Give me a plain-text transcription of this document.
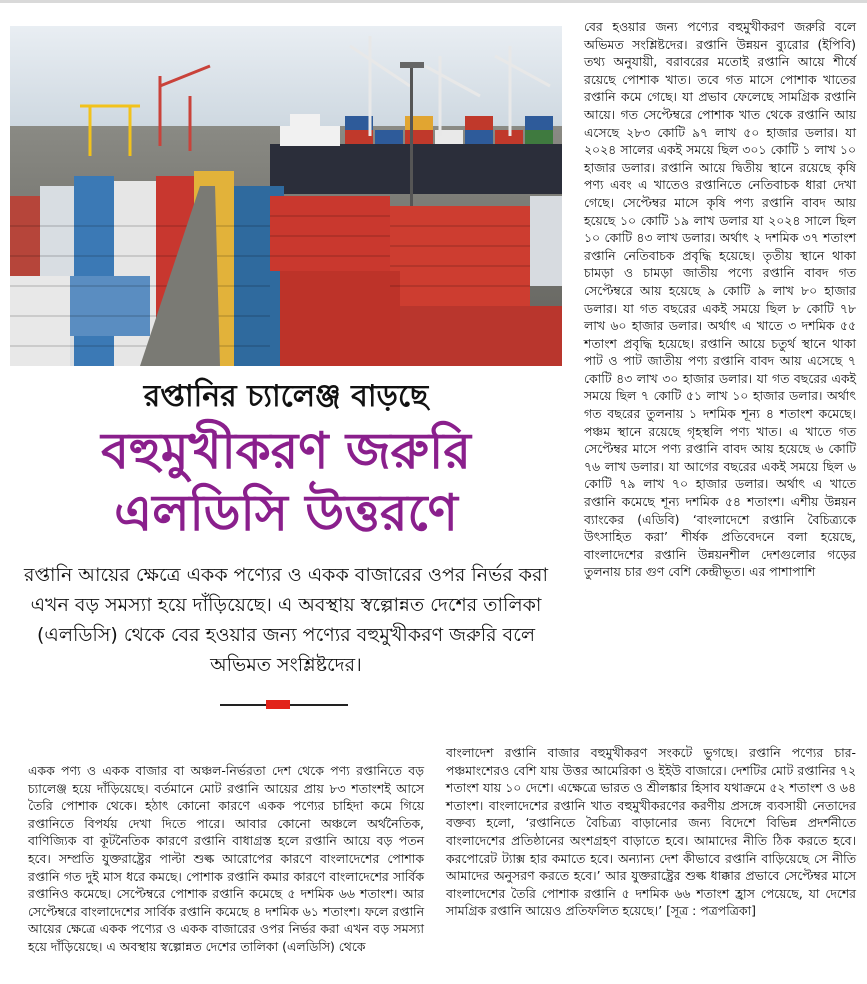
রপ্তানির চ্যালেঞ্জ বাড়ছে
বহুমুখীকরণ জরুরি
এলডিসি উত্তরণে
রপ্তানি আয়ের ক্ষেত্রে একক পণ্যের ও একক বাজারের ওপর নির্ভর করা এখন বড় সমস্যা হয়ে দাঁড়িয়েছে। এ অবস্থায় স্বল্পোন্নত দেশের তালিকা (এলডিসি) থেকে বের হওয়ার জন্য পণ্যের বহুমুখীকরণ জরুরি বলে অভিমত সংশ্লিষ্টদের।

বের হওয়ার জন্য পণ্যের বহুমুখীকরণ জরুরি বলে অভিমত সংশ্লিষ্টদের। রপ্তানি উন্নয়ন ব্যুরোর (ইপিবি) তথ্য অনুযায়ী, বরাবরের মতোই রপ্তানি আয়ে শীর্ষে রয়েছে পোশাক খাত। তবে গত মাসে পোশাক খাতের রপ্তানি কমে গেছে। যা প্রভাব ফেলেছে সামগ্রিক রপ্তানি আয়ে। গত সেপ্টেম্বরে পোশাক খাত থেকে রপ্তানি আয় এসেছে ২৮৩ কোটি ৯৭ লাখ ৫০ হাজার ডলার। যা ২০২৪ সালের একই সময়ে ছিল ৩০১ কোটি ১ লাখ ১০ হাজার ডলার। রপ্তানি আয়ে দ্বিতীয় স্থানে রয়েছে কৃষি পণ্য এবং এ খাতেও রপ্তানিতে নেতিবাচক ধারা দেখা গেছে। সেপ্টেম্বর মাসে কৃষি পণ্য রপ্তানি বাবদ আয় হয়েছে ১০ কোটি ১৯ লাখ ডলার যা ২০২৪ সালে ছিল ১০ কোটি ৪৩ লাখ ডলার। অর্থাৎ ২ দশমিক ৩৭ শতাংশ রপ্তানি নেতিবাচক প্রবৃদ্ধি হয়েছে। তৃতীয় স্থানে থাকা চামড়া ও চামড়া জাতীয় পণ্যে রপ্তানি বাবদ গত সেপ্টেম্বরে আয় হয়েছে ৯ কোটি ৯ লাখ ৮০ হাজার ডলার। যা গত বছরের একই সময়ে ছিল ৮ কোটি ৭৮ লাখ ৬০ হাজার ডলার। অর্থাৎ এ খাতে ৩ দশমিক ৫৫ শতাংশ প্রবৃদ্ধি হয়েছে। রপ্তানি আয়ে চতুর্থ স্থানে থাকা পাট ও পাট জাতীয় পণ্য রপ্তানি বাবদ আয় এসেছে ৭ কোটি ৪৩ লাখ ৩০ হাজার ডলার। যা গত বছরের একই সময়ে ছিল ৭ কোটি ৫১ লাখ ১০ হাজার ডলার। অর্থাৎ গত বছরের তুলনায় ১ দশমিক শূন্য ৪ শতাংশ কমেছে। পঞ্চম স্থানে রয়েছে গৃহস্থলি পণ্য খাত। এ খাতে গত সেপ্টেম্বর মাসে পণ্য রপ্তানি বাবদ আয় হয়েছে ৬ কোটি ৭৬ লাখ ডলার। যা আগের বছরের একই সময়ে ছিল ৬ কোটি ৭৯ লাখ ৭০ হাজার ডলার। অর্থাৎ এ খাতে রপ্তানি কমেছে শূন্য দশমিক ৫৪ শতাংশ। এশীয় উন্নয়ন ব্যাংকের (এডিবি) ‘বাংলাদেশে রপ্তানি বৈচিত্র্যকে উৎসাহিত করা’ শীর্ষক প্রতিবেদনে বলা হয়েছে, বাংলাদেশের রপ্তানি উন্নয়নশীল দেশগুলোর গড়ের তুলনায় চার গুণ বেশি কেন্দ্রীভূত। এর পাশাপাশি

একক পণ্য ও একক বাজার বা অঞ্চল-নির্ভরতা দেশ থেকে পণ্য রপ্তানিতে বড় চ্যালেঞ্জ হয়ে দাঁড়িয়েছে। বর্তমানে মোট রপ্তানি আয়ের প্রায় ৮৩ শতাংশই আসে তৈরি পোশাক থেকে। হঠাৎ কোনো কারণে একক পণ্যের চাহিদা কমে গিয়ে রপ্তানিতে বিপর্যয় দেখা দিতে পারে। আবার কোনো অঞ্চলে অর্থনৈতিক, বাণিজ্যিক বা কূটনৈতিক কারণে রপ্তানি বাধাগ্রস্ত হলে রপ্তানি আয়ে বড় পতন হবে। সম্প্রতি যুক্তরাষ্ট্রের পাল্টা শুল্ক আরোপের কারণে বাংলাদেশের পোশাক রপ্তানি গত দুই মাস ধরে কমছে। পোশাক রপ্তানি কমার কারণে বাংলাদেশের সার্বিক রপ্তানিও কমেছে। সেপ্টেম্বরে পোশাক রপ্তানি কমেছে ৫ দশমিক ৬৬ শতাংশ। আর সেপ্টেম্বরে বাংলাদেশের সার্বিক রপ্তানি কমেছে ৪ দশমিক ৬১ শতাংশ। ফলে রপ্তানি আয়ের ক্ষেত্রে একক পণ্যের ও একক বাজারের ওপর নির্ভর করা এখন বড় সমস্যা হয়ে দাঁড়িয়েছে। এ অবস্থায় স্বল্পোন্নত দেশের তালিকা (এলডিসি) থেকে

বাংলাদেশ রপ্তানি বাজার বহুমুখীকরণ সংকটে ভুগছে। রপ্তানি পণ্যের চার-পঞ্চমাংশেরও বেশি যায় উত্তর আমেরিকা ও ইইউ বাজারে। দেশটির মোট রপ্তানির ৭২ শতাংশ যায় ১০ দেশে। এক্ষেত্রে ভারত ও শ্রীলঙ্কার হিসাব যথাক্রমে ৫২ শতাংশ ও ৬৪ শতাংশ। বাংলাদেশের রপ্তানি খাত বহুমুখীকরণের করণীয় প্রসঙ্গে ব্যবসায়ী নেতাদের বক্তব্য হলো, ‘রপ্তানিতে বৈচিত্র্য বাড়ানোর জন্য বিদেশে বিভিন্ন প্রদর্শনীতে বাংলাদেশের প্রতিষ্ঠানের অংশগ্রহণ বাড়াতে হবে। আমাদের নীতি ঠিক করতে হবে। করপোরেট ট্যাক্স হার কমাতে হবে। অন্যান্য দেশ কীভাবে রপ্তানি বাড়িয়েছে সে নীতি আমাদের অনুসরণ করতে হবে।’ আর যুক্তরাষ্ট্রের শুল্ক ধাক্কার প্রভাবে সেপ্টেম্বর মাসে বাংলাদেশের তৈরি পোশাক রপ্তানি ৫ দশমিক ৬৬ শতাংশ হ্রাস পেয়েছে, যা দেশের সামগ্রিক রপ্তানি আয়েও প্রতিফলিত হয়েছে।’ [সূত্র : পত্রপত্রিকা]
